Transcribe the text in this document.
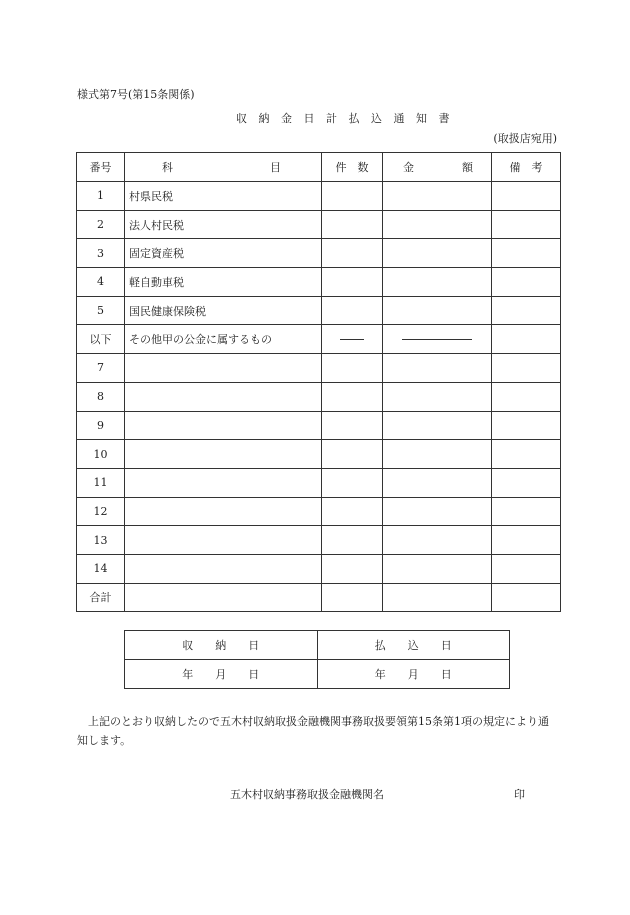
様式第7号(第15条関係)
収 納 金 日 計 払 込 通 知 書
(取扱店宛用)
番号	科 目	件　数	金 額	備　考
1	村県民税			
2	法人村民税			
3	固定資産税			
4	軽自動車税			
5	国民健康保険税			
以下	その他甲の公金に属するもの			
7				
8				
9				
10				
11				
12				
13				
14				
合計				
収　　納　　日	払　　込　　日
年　　月　　日	年　　月　　日
上記のとおり収納したので五木村収納取扱金融機関事務取扱要領第15条第1項の規定により通知します。
五木村収納事務取扱金融機関名	印
